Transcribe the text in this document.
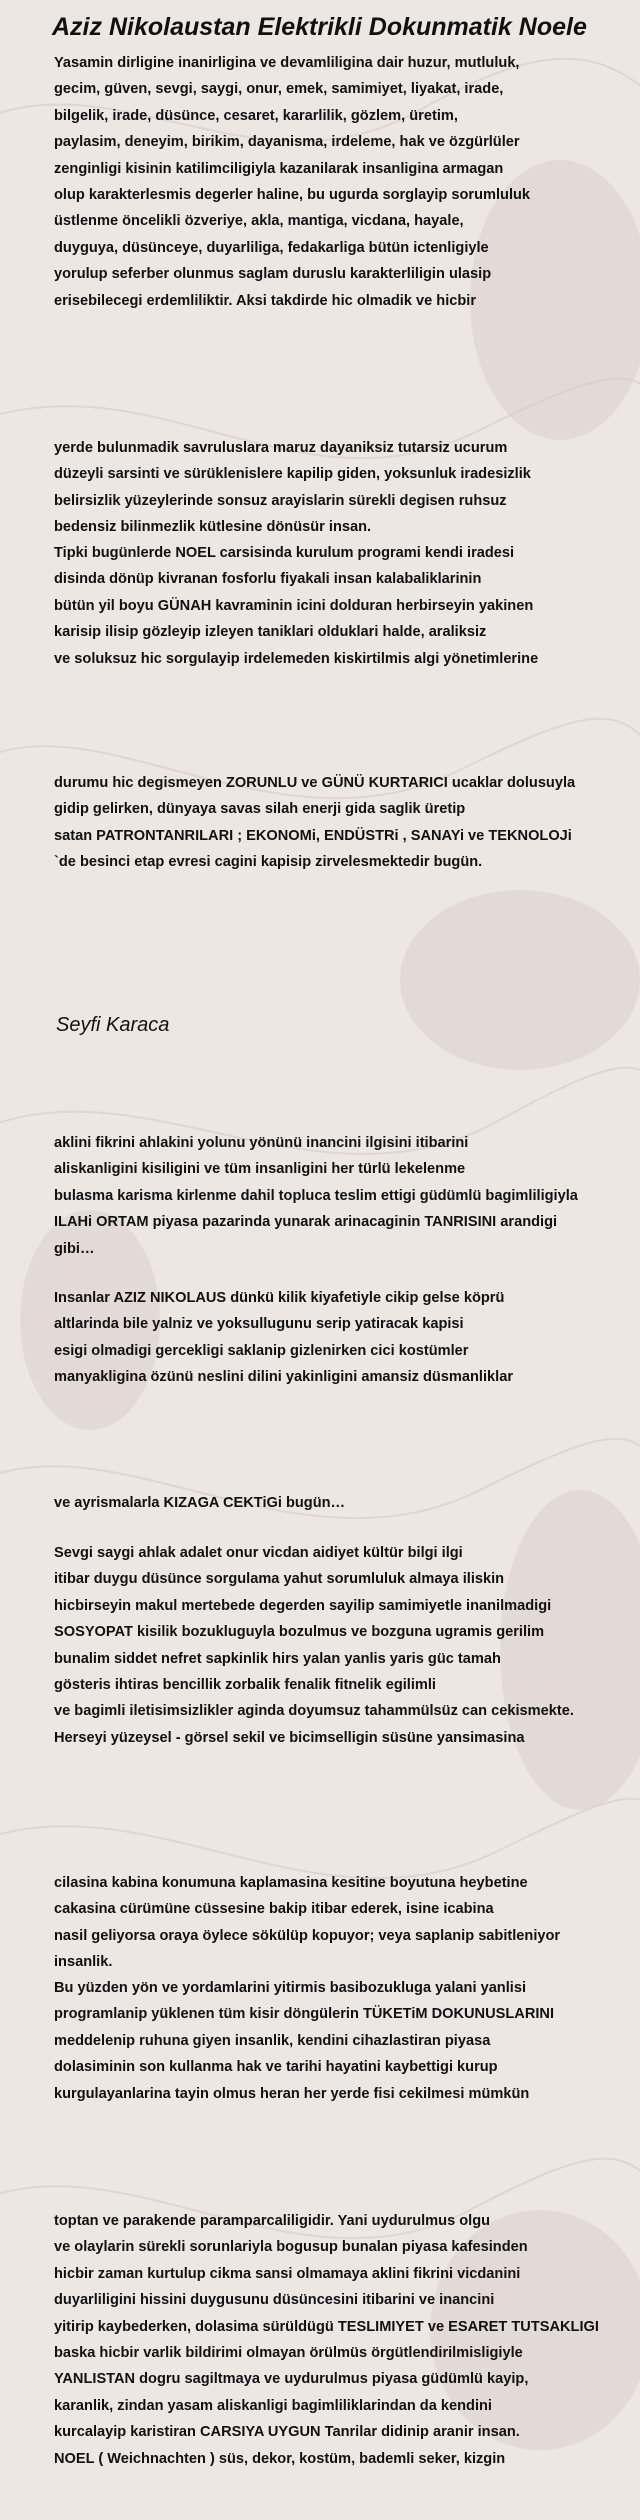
Aziz Nikolaustan Elektrikli Dokunmatik Noele
Yasamin dirligine inanirligina ve devamliligina dair huzur, mutluluk,
gecim, güven, sevgi, saygi, onur, emek, samimiyet, liyakat, irade,
bilgelik, irade, düsünce, cesaret, kararlilik, gözlem, üretim,
paylasim, deneyim, birikim, dayanisma, irdeleme, hak ve özgürlüler
zenginligi kisinin katilimciligiyla kazanilarak insanligina armagan
olup karakterlesmis degerler haline, bu ugurda sorglayip sorumluluk
üstlenme öncelikli özveriye, akla, mantiga, vicdana, hayale,
duyguya, düsünceye, duyarliliga, fedakarliga bütün ictenligiyle
yorulup seferber olunmus saglam duruslu karakterliligin ulasip
erisebilecegi erdemliliktir. Aksi takdirde hic olmadik ve hicbir
yerde bulunmadik savruluslara maruz dayaniksiz tutarsiz ucurum
düzeyli sarsinti ve sürüklenislere kapilip giden, yoksunluk iradesizlik
belirsizlik yüzeylerinde sonsuz arayislarin sürekli degisen ruhsuz
bedensiz bilinmezlik kütlesine dönüsür insan.
Tipki bugünlerde NOEL carsisinda kurulum programi kendi iradesi
disinda dönüp kivranan fosforlu fiyakali insan kalabaliklarinin
bütün yil boyu GÜNAH kavraminin icini dolduran herbirseyin yakinen
karisip ilisip gözleyip izleyen taniklari olduklari halde, araliksiz
ve soluksuz hic sorgulayip irdelemeden kiskirtilmis algi yönetimlerine
durumu hic degismeyen ZORUNLU ve GÜNÜ KURTARICI ucaklar dolusuyla
gidip gelirken, dünyaya savas silah enerji gida saglik üretip
satan PATRONTANRILARI ; EKONOMi, ENDÜSTRi , SANAYi ve TEKNOLOJi
`de besinci etap evresi cagini kapisip zirvelesmektedir bugün.
Seyfi Karaca
aklini fikrini ahlakini yolunu yönünü inancini ilgisini itibarini
aliskanligini kisiligini ve tüm insanligini her türlü lekelenme
bulasma karisma kirlenme dahil topluca teslim ettigi güdümlü bagimliligiyla
ILAHi ORTAM piyasa pazarinda yunarak arinacaginin TANRISINI arandigi
gibi…
Insanlar AZIZ NIKOLAUS dünkü kilik kiyafetiyle cikip gelse köprü
altlarinda bile yalniz ve yoksullugunu serip yatiracak kapisi
esigi olmadigi gercekligi saklanip gizlenirken cici kostümler
manyakligina özünü neslini dilini yakinligini amansiz düsmanliklar
ve ayrismalarla KIZAGA CEKTiGi bugün…
Sevgi saygi ahlak adalet onur vicdan aidiyet kültür bilgi ilgi
itibar duygu düsünce sorgulama yahut sorumluluk almaya iliskin
hicbirseyin makul mertebede degerden sayilip samimiyetle inanilmadigi
SOSYOPAT kisilik bozukluguyla bozulmus ve bozguna ugramis gerilim
bunalim siddet nefret sapkinlik hirs yalan yanlis yaris güc tamah
gösteris ihtiras bencillik zorbalik fenalik fitnelik egilimli
ve bagimli iletisimsizlikler aginda doyumsuz tahammülsüz can cekismekte.
Herseyi yüzeysel - görsel sekil ve bicimselligin süsüne yansimasina
cilasina kabina konumuna kaplamasina kesitine boyutuna heybetine
cakasina cürümüne cüssesine bakip itibar ederek, isine icabina
nasil geliyorsa oraya öylece sökülüp kopuyor; veya saplanip sabitleniyor
insanlik.
Bu yüzden yön ve yordamlarini yitirmis basibozukluga yalani yanlisi
programlanip yüklenen tüm kisir döngülerin TÜKETiM DOKUNUSLARINI
meddelenip ruhuna giyen insanlik, kendini cihazlastiran piyasa
dolasiminin son kullanma hak ve tarihi hayatini kaybettigi kurup
kurgulayanlarina tayin olmus heran her yerde fisi cekilmesi mümkün
toptan ve parakende paramparcaliligidir. Yani uydurulmus olgu
ve olaylarin sürekli sorunlariyla bogusup bunalan piyasa kafesinden
hicbir zaman kurtulup cikma sansi olmamaya aklini fikrini vicdanini
duyarliligini hissini duygusunu düsüncesini itibarini ve inancini
yitirip kaybederken, dolasima sürüldügü TESLIMIYET ve ESARET TUTSAKLIGI
baska hicbir varlik bildirimi olmayan örülmüs örgütlendirilmisligiyle
YANLISTAN dogru sagiltmaya ve uydurulmus piyasa güdümlü kayip,
karanlik, zindan yasam aliskanligi bagimliliklarindan da kendini
kurcalayip karistiran CARSIYA UYGUN Tanrilar didinip aranir insan.
NOEL ( Weichnachten ) süs, dekor, kostüm, bademli seker, kizgin
